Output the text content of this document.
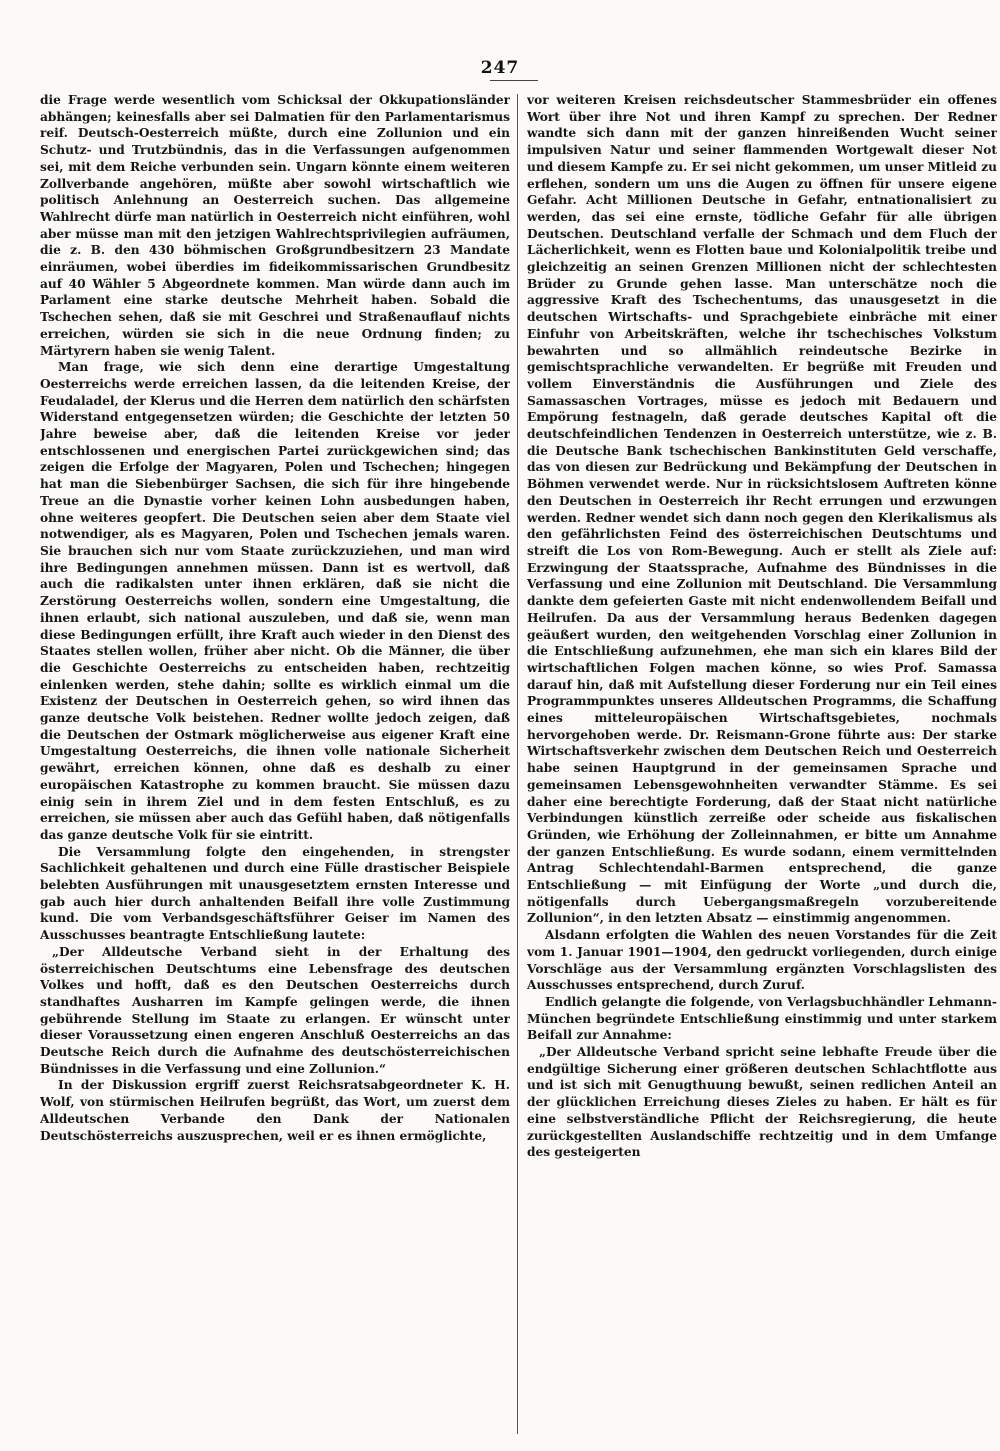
247

die Frage werde wesentlich vom Schicksal der Okkupationsländer abhängen; keinesfalls aber sei Dalmatien für den Parlamentarismus reif. Deutsch-Oesterreich müßte, durch eine Zollunion und ein Schutz- und Trutzbündnis, das in die Verfassungen aufgenommen sei, mit dem Reiche verbunden sein. Ungarn könnte einem weiteren Zollverbande angehören, müßte aber sowohl wirtschaftlich wie politisch Anlehnung an Oesterreich suchen. Das allgemeine Wahlrecht dürfe man natürlich in Oesterreich nicht einführen, wohl aber müsse man mit den jetzigen Wahlrechtsprivilegien aufräumen, die z. B. den 430 böhmischen Großgrundbesitzern 23 Mandate einräumen, wobei überdies im fideikommissarischen Grundbesitz auf 40 Wähler 5 Abgeordnete kommen. Man würde dann auch im Parlament eine starke deutsche Mehrheit haben. Sobald die Tschechen sehen, daß sie mit Geschrei und Straßenauflauf nichts erreichen, würden sie sich in die neue Ordnung finden; zu Märtyrern haben sie wenig Talent.

Man frage, wie sich denn eine derartige Umgestaltung Oesterreichs werde erreichen lassen, da die leitenden Kreise, der Feudaladel, der Klerus und die Herren dem natürlich den schärfsten Widerstand entgegensetzen würden; die Geschichte der letzten 50 Jahre beweise aber, daß die leitenden Kreise vor jeder entschlossenen und energischen Partei zurückgewichen sind; das zeigen die Erfolge der Magyaren, Polen und Tschechen; hingegen hat man die Siebenbürger Sachsen, die sich für ihre hingebende Treue an die Dynastie vorher keinen Lohn ausbedungen haben, ohne weiteres geopfert. Die Deutschen seien aber dem Staate viel notwendiger, als es Magyaren, Polen und Tschechen jemals waren. Sie brauchen sich nur vom Staate zurückzuziehen, und man wird ihre Bedingungen annehmen müssen. Dann ist es wertvoll, daß auch die radikalsten unter ihnen erklären, daß sie nicht die Zerstörung Oesterreichs wollen, sondern eine Umgestaltung, die ihnen erlaubt, sich national auszuleben, und daß sie, wenn man diese Bedingungen erfüllt, ihre Kraft auch wieder in den Dienst des Staates stellen wollen, früher aber nicht. Ob die Männer, die über die Geschichte Oesterreichs zu entscheiden haben, rechtzeitig einlenken werden, stehe dahin; sollte es wirklich einmal um die Existenz der Deutschen in Oesterreich gehen, so wird ihnen das ganze deutsche Volk beistehen. Redner wollte jedoch zeigen, daß die Deutschen der Ostmark möglicherweise aus eigener Kraft eine Umgestaltung Oesterreichs, die ihnen volle nationale Sicherheit gewährt, erreichen können, ohne daß es deshalb zu einer europäischen Katastrophe zu kommen braucht. Sie müssen dazu einig sein in ihrem Ziel und in dem festen Entschluß, es zu erreichen, sie müssen aber auch das Gefühl haben, daß nötigenfalls das ganze deutsche Volk für sie eintritt.

Die Versammlung folgte den eingehenden, in strengster Sachlichkeit gehaltenen und durch eine Fülle drastischer Beispiele belebten Ausführungen mit unausgesetztem ernsten Interesse und gab auch hier durch anhaltenden Beifall ihre volle Zustimmung kund. Die vom Verbandsgeschäftsführer Geiser im Namen des Ausschusses beantragte Entschließung lautete:

„Der Alldeutsche Verband sieht in der Erhaltung des österreichischen Deutschtums eine Lebensfrage des deutschen Volkes und hofft, daß es den Deutschen Oesterreichs durch standhaftes Ausharren im Kampfe gelingen werde, die ihnen gebührende Stellung im Staate zu erlangen. Er wünscht unter dieser Voraussetzung einen engeren Anschluß Oesterreichs an das Deutsche Reich durch die Aufnahme des deutschösterreichischen Bündnisses in die Verfassung und eine Zollunion.“

In der Diskussion ergriff zuerst Reichsratsabgeordneter K. H. Wolf, von stürmischen Heilrufen begrüßt, das Wort, um zuerst dem Alldeutschen Verbande den Dank der Nationalen Deutschösterreichs auszusprechen, weil er es ihnen ermöglichte,

vor weiteren Kreisen reichsdeutscher Stammesbrüder ein offenes Wort über ihre Not und ihren Kampf zu sprechen. Der Redner wandte sich dann mit der ganzen hinreißenden Wucht seiner impulsiven Natur und seiner flammenden Wortgewalt dieser Not und diesem Kampfe zu. Er sei nicht gekommen, um unser Mitleid zu erflehen, sondern um uns die Augen zu öffnen für unsere eigene Gefahr. Acht Millionen Deutsche in Gefahr, entnationalisiert zu werden, das sei eine ernste, tödliche Gefahr für alle übrigen Deutschen. Deutschland verfalle der Schmach und dem Fluch der Lächerlichkeit, wenn es Flotten baue und Kolonialpolitik treibe und gleichzeitig an seinen Grenzen Millionen nicht der schlechtesten Brüder zu Grunde gehen lasse. Man unterschätze noch die aggressive Kraft des Tschechentums, das unausgesetzt in die deutschen Wirtschafts- und Sprachgebiete einbräche mit einer Einfuhr von Arbeitskräften, welche ihr tschechisches Volkstum bewahrten und so allmählich reindeutsche Bezirke in gemischtsprachliche verwandelten. Er begrüße mit Freuden und vollem Einverständnis die Ausführungen und Ziele des Samassaschen Vortrages, müsse es jedoch mit Bedauern und Empörung festnageln, daß gerade deutsches Kapital oft die deutschfeindlichen Tendenzen in Oesterreich unterstütze, wie z. B. die Deutsche Bank tschechischen Bankinstituten Geld verschaffe, das von diesen zur Bedrückung und Bekämpfung der Deutschen in Böhmen verwendet werde. Nur in rücksichtslosem Auftreten könne den Deutschen in Oesterreich ihr Recht errungen und erzwungen werden. Redner wendet sich dann noch gegen den Klerikalismus als den gefährlichsten Feind des österreichischen Deutschtums und streift die Los von Rom-Bewegung. Auch er stellt als Ziele auf: Erzwingung der Staatssprache, Aufnahme des Bündnisses in die Verfassung und eine Zollunion mit Deutschland. Die Versammlung dankte dem gefeierten Gaste mit nicht endenwollendem Beifall und Heilrufen. Da aus der Versammlung heraus Bedenken dagegen geäußert wurden, den weitgehenden Vorschlag einer Zollunion in die Entschließung aufzunehmen, ehe man sich ein klares Bild der wirtschaftlichen Folgen machen könne, so wies Prof. Samassa darauf hin, daß mit Aufstellung dieser Forderung nur ein Teil eines Programmpunktes unseres Alldeutschen Programms, die Schaffung eines mitteleuropäischen Wirtschaftsgebietes, nochmals hervorgehoben werde. Dr. Reismann-Grone führte aus: Der starke Wirtschaftsverkehr zwischen dem Deutschen Reich und Oesterreich habe seinen Hauptgrund in der gemeinsamen Sprache und gemeinsamen Lebensgewohnheiten verwandter Stämme. Es sei daher eine berechtigte Forderung, daß der Staat nicht natürliche Verbindungen künstlich zerreiße oder scheide aus fiskalischen Gründen, wie Erhöhung der Zolleinnahmen, er bitte um Annahme der ganzen Entschließung. Es wurde sodann, einem vermittelnden Antrag Schlechtendahl-Barmen entsprechend, die ganze Entschließung — mit Einfügung der Worte „und durch die, nötigenfalls durch Uebergangsmaßregeln vorzubereitende Zollunion“, in den letzten Absatz — einstimmig angenommen.

Alsdann erfolgten die Wahlen des neuen Vorstandes für die Zeit vom 1. Januar 1901—1904, den gedruckt vorliegenden, durch einige Vorschläge aus der Versammlung ergänzten Vorschlagslisten des Ausschusses entsprechend, durch Zuruf.

Endlich gelangte die folgende, von Verlagsbuchhändler Lehmann-München begründete Entschließung einstimmig und unter starkem Beifall zur Annahme:

„Der Alldeutsche Verband spricht seine lebhafte Freude über die endgültige Sicherung einer größeren deutschen Schlachtflotte aus und ist sich mit Genugthuung bewußt, seinen redlichen Anteil an der glücklichen Erreichung dieses Zieles zu haben. Er hält es für eine selbstverständliche Pflicht der Reichsregierung, die heute zurückgestellten Auslandschiffe rechtzeitig und in dem Umfange des gesteigerten
